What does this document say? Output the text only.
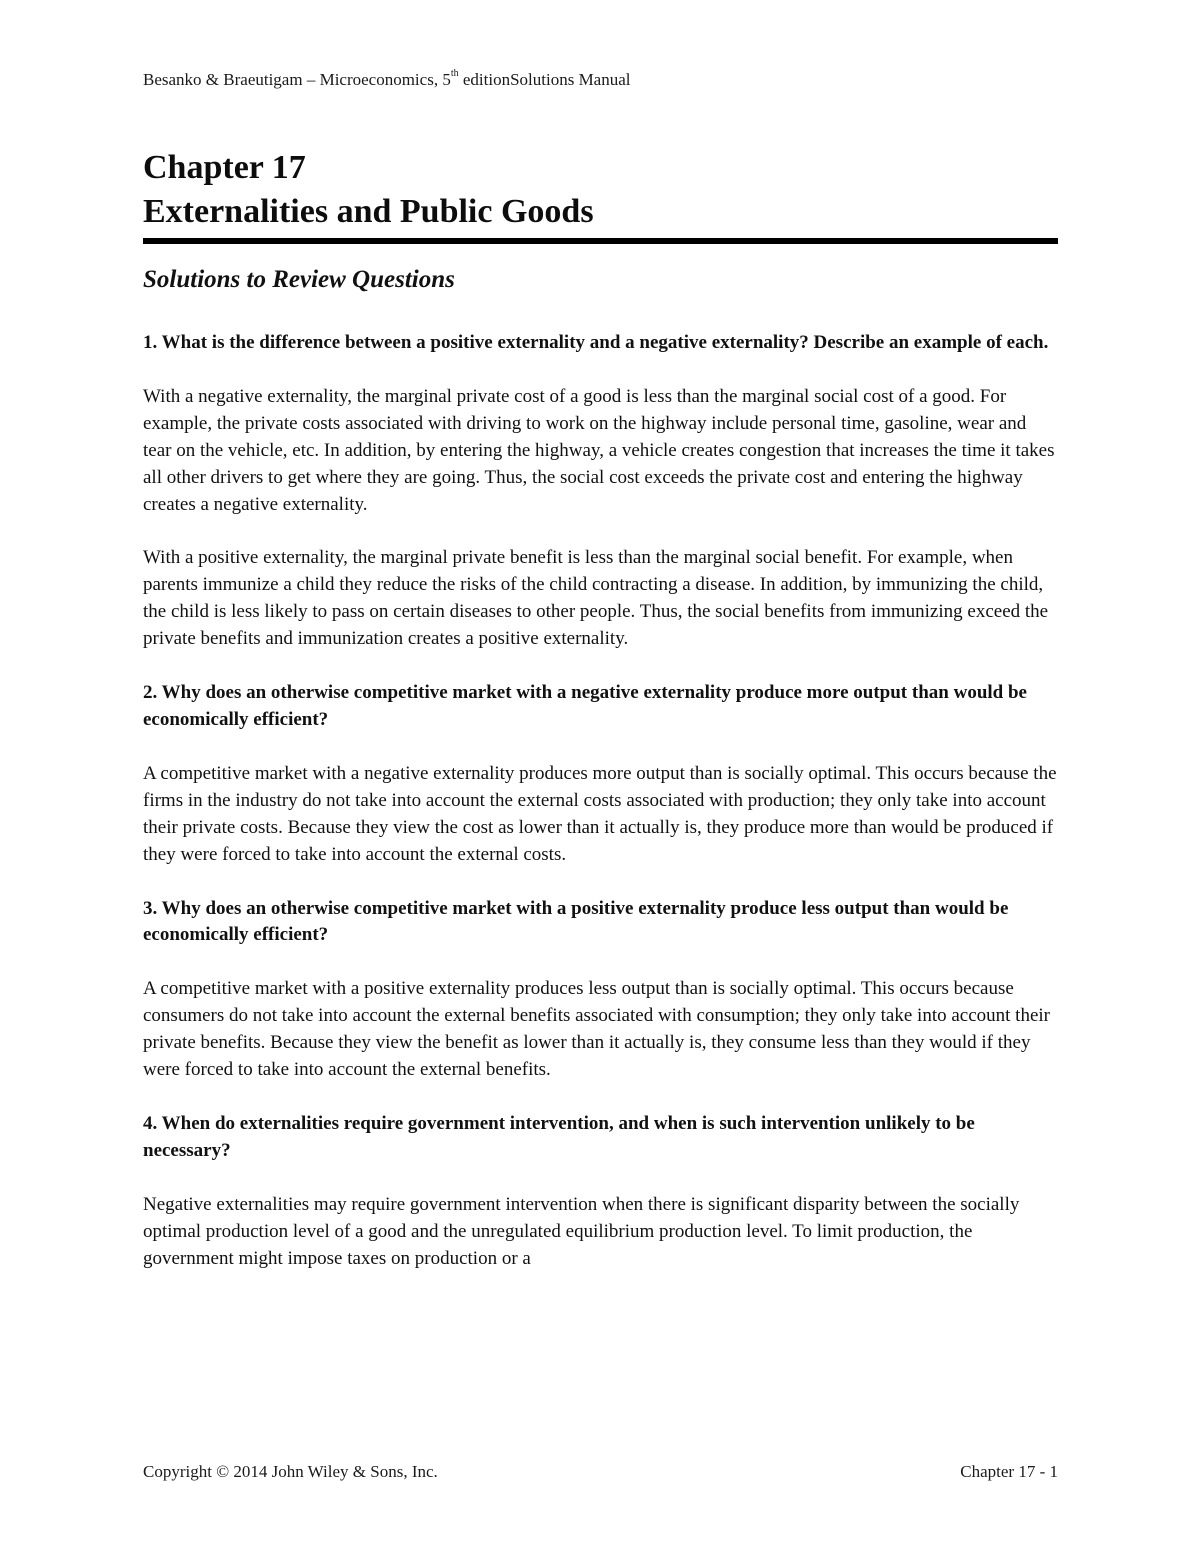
Besanko & Braeutigam – Microeconomics, 5th editionSolutions Manual
Chapter 17
Externalities and Public Goods
Solutions to Review Questions

1. What is the difference between a positive externality and a negative externality? Describe an example of each.

With a negative externality, the marginal private cost of a good is less than the marginal social cost of a good. For example, the private costs associated with driving to work on the highway include personal time, gasoline, wear and tear on the vehicle, etc. In addition, by entering the highway, a vehicle creates congestion that increases the time it takes all other drivers to get where they are going. Thus, the social cost exceeds the private cost and entering the highway creates a negative externality.

With a positive externality, the marginal private benefit is less than the marginal social benefit. For example, when parents immunize a child they reduce the risks of the child contracting a disease. In addition, by immunizing the child, the child is less likely to pass on certain diseases to other people. Thus, the social benefits from immunizing exceed the private benefits and immunization creates a positive externality.

2. Why does an otherwise competitive market with a negative externality produce more output than would be economically efficient?

A competitive market with a negative externality produces more output than is socially optimal. This occurs because the firms in the industry do not take into account the external costs associated with production; they only take into account their private costs. Because they view the cost as lower than it actually is, they produce more than would be produced if they were forced to take into account the external costs.

3. Why does an otherwise competitive market with a positive externality produce less output than would be economically efficient?

A competitive market with a positive externality produces less output than is socially optimal. This occurs because consumers do not take into account the external benefits associated with consumption; they only take into account their private benefits. Because they view the benefit as lower than it actually is, they consume less than they would if they were forced to take into account the external benefits.

4. When do externalities require government intervention, and when is such intervention unlikely to be necessary?

Negative externalities may require government intervention when there is significant disparity between the socially optimal production level of a good and the unregulated equilibrium production level. To limit production, the government might impose taxes on production or a

Copyright © 2014 John Wiley & Sons, Inc.	Chapter 17 - 1
